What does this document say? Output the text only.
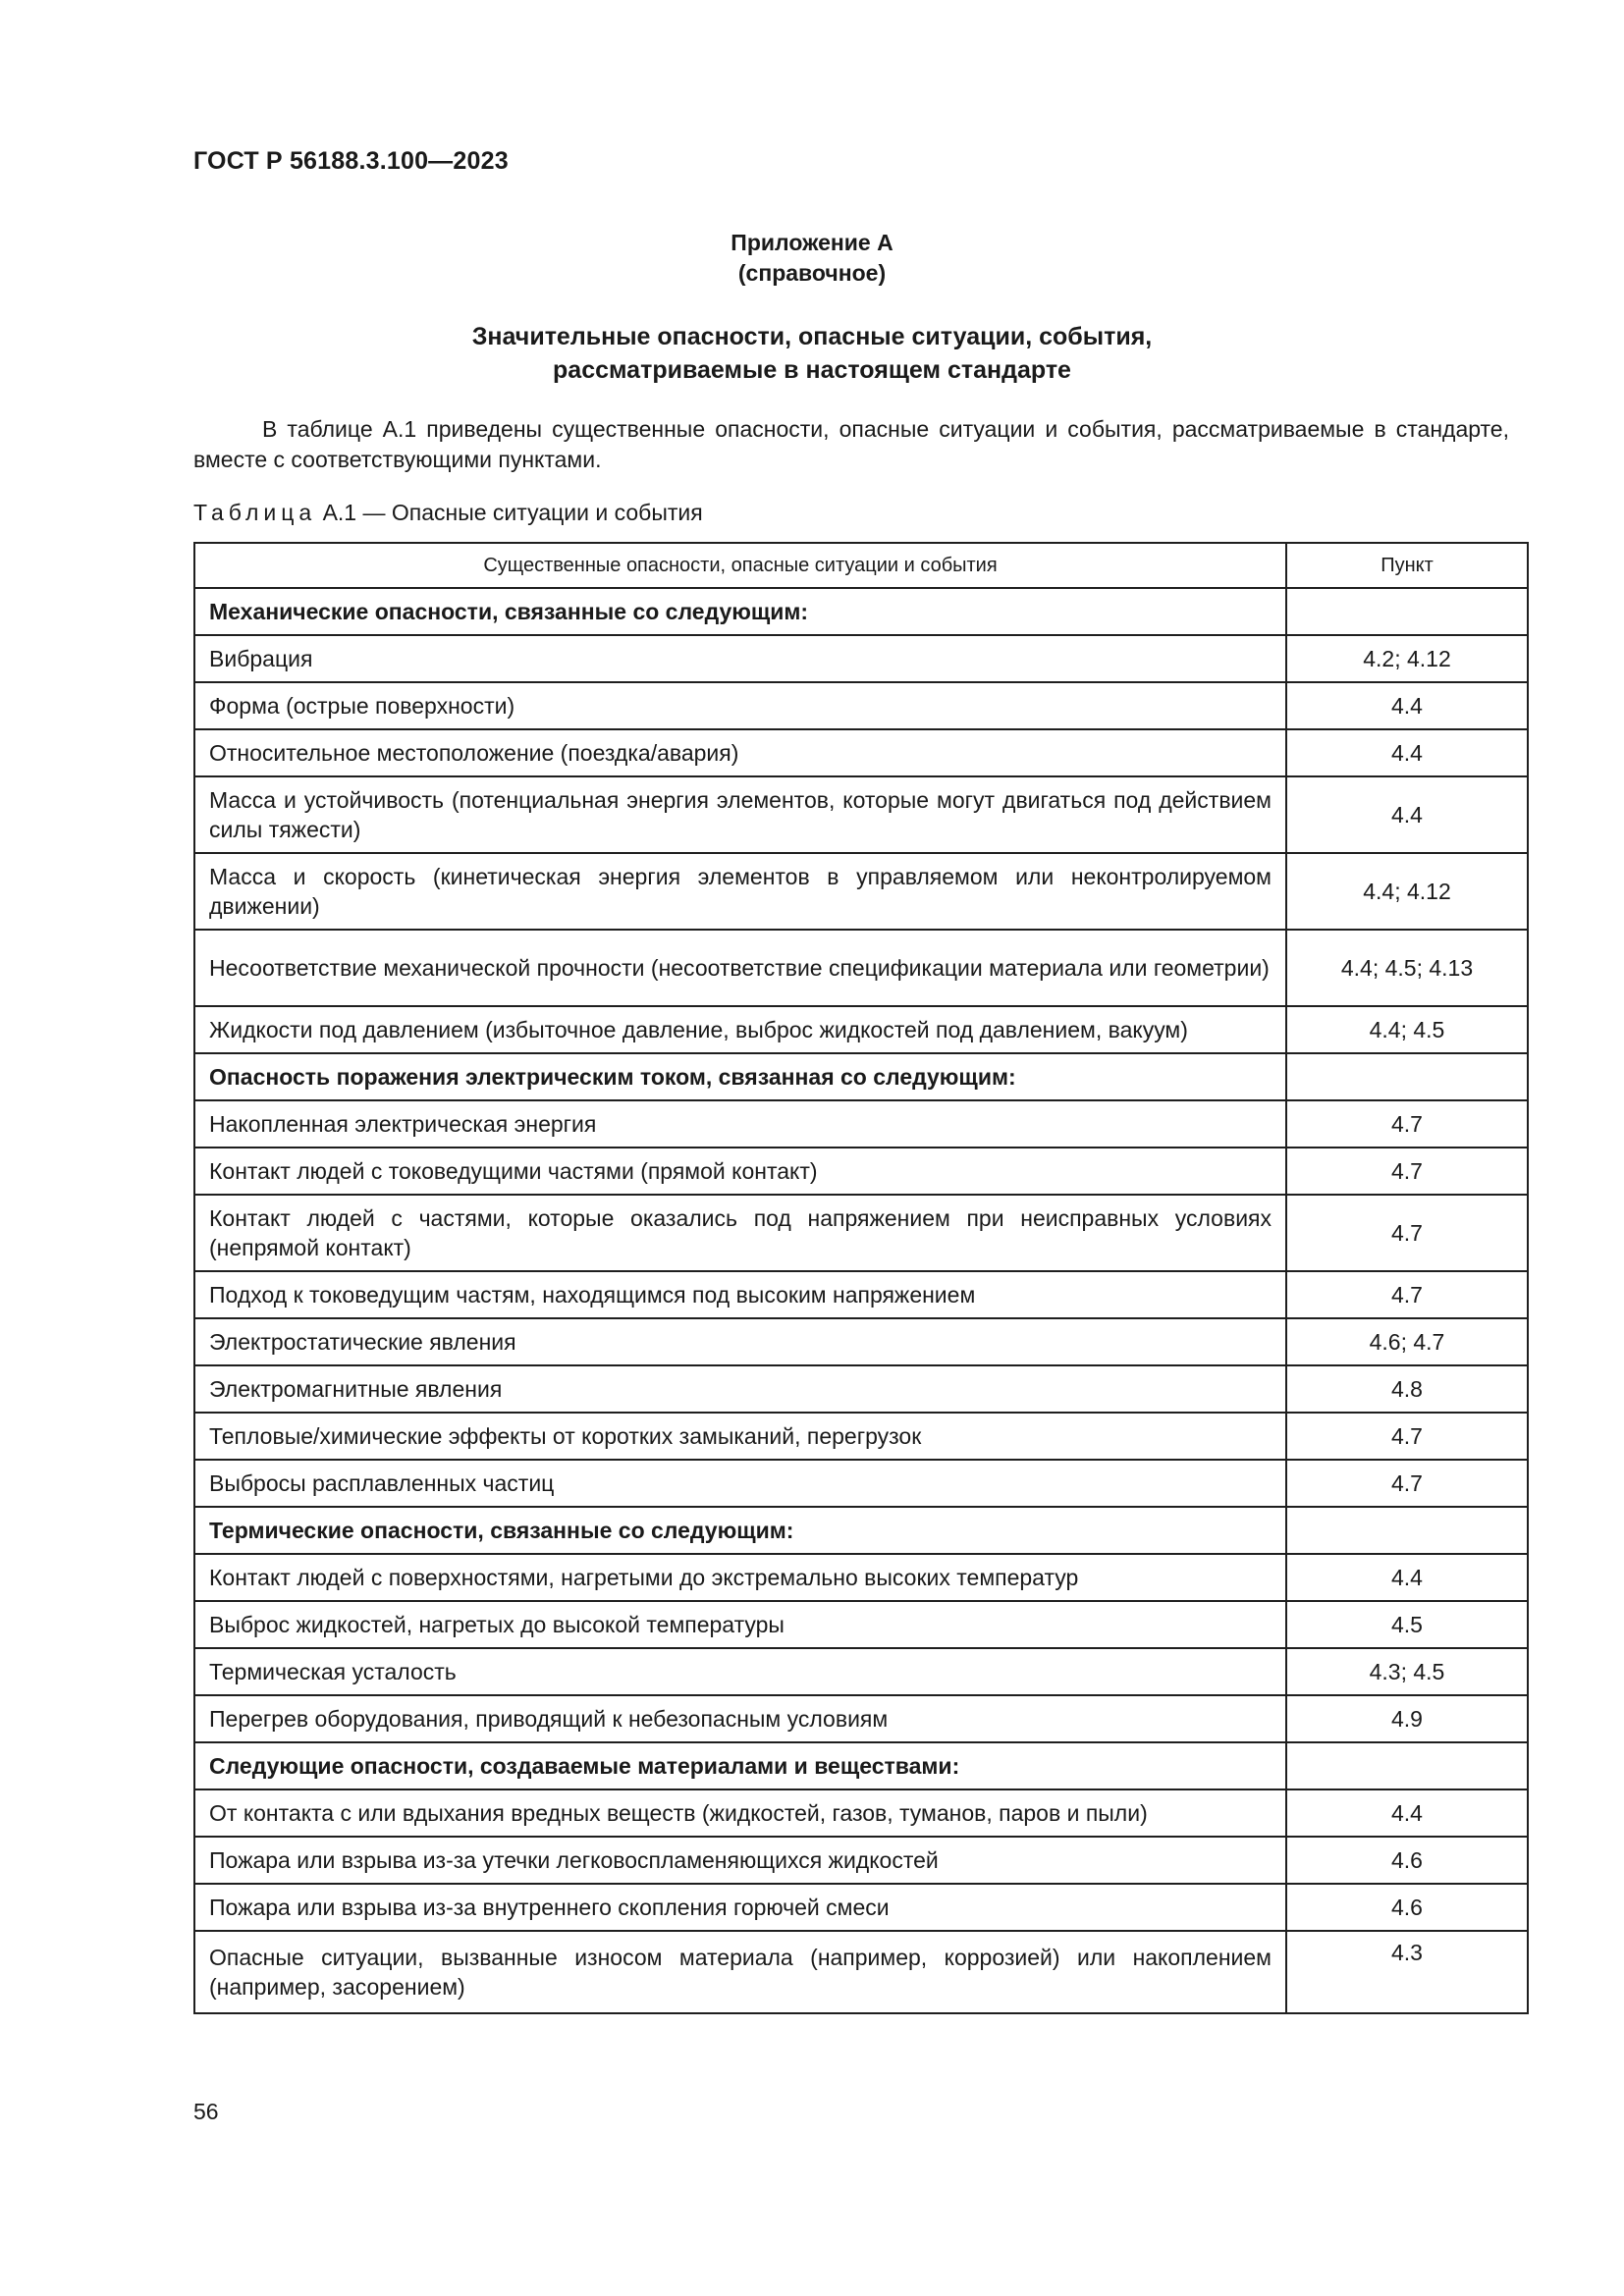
ГОСТ Р 56188.3.100—2023
Приложение А
(справочное)
Значительные опасности, опасные ситуации, события,
рассматриваемые в настоящем стандарте

В таблице А.1 приведены существенные опасности, опасные ситуации и события, рассматриваемые в стандарте, вместе с соответствующими пунктами.

Таблица А.1 — Опасные ситуации и события
Существенные опасности, опасные ситуации и события	Пункт
Механические опасности, связанные со следующим:	
Вибрация	4.2; 4.12
Форма (острые поверхности)	4.4
Относительное местоположение (поездка/авария)	4.4
Масса и устойчивость (потенциальная энергия элементов, которые могут двигаться под действием силы тяжести)	4.4
Масса и скорость (кинетическая энергия элементов в управляемом или неконтролируемом движении)	4.4; 4.12
Несоответствие механической прочности (несоответствие спецификации материала или геометрии)	4.4; 4.5; 4.13
Жидкости под давлением (избыточное давление, выброс жидкостей под давлением, вакуум)	4.4; 4.5
Опасность поражения электрическим током, связанная со следующим:	
Накопленная электрическая энергия	4.7
Контакт людей с токоведущими частями (прямой контакт)	4.7
Контакт людей с частями, которые оказались под напряжением при неисправных условиях (непрямой контакт)	4.7
Подход к токоведущим частям, находящимся под высоким напряжением	4.7
Электростатические явления	4.6; 4.7
Электромагнитные явления	4.8
Тепловые/химические эффекты от коротких замыканий, перегрузок	4.7
Выбросы расплавленных частиц	4.7
Термические опасности, связанные со следующим:	
Контакт людей с поверхностями, нагретыми до экстремально высоких температур	4.4
Выброс жидкостей, нагретых до высокой температуры	4.5
Термическая усталость	4.3; 4.5
Перегрев оборудования, приводящий к небезопасным условиям	4.9
Следующие опасности, создаваемые материалами и веществами:	
От контакта с или вдыхания вредных веществ (жидкостей, газов, туманов, паров и пыли)	4.4
Пожара или взрыва из-за утечки легковоспламеняющихся жидкостей	4.6
Пожара или взрыва из-за внутреннего скопления горючей смеси	4.6
Опасные ситуации, вызванные износом материала (например, коррозией) или накоплением (например, засорением)	4.3
56
